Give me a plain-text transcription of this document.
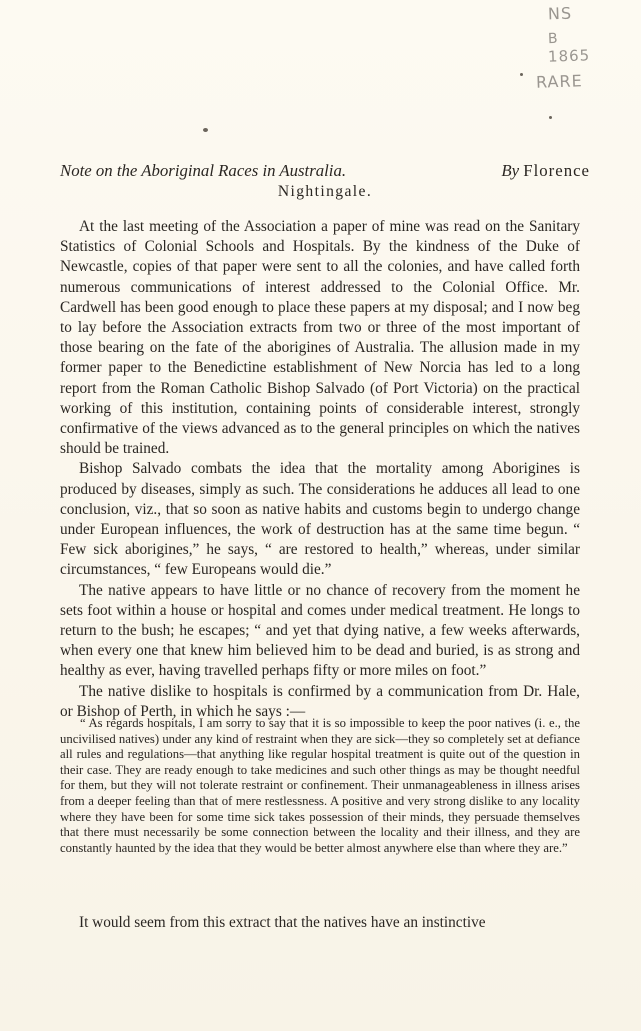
NS
B
1865
RARE
Note on the Aboriginal Races in Australia.	By Florence
Nightingale.

At the last meeting of the Association a paper of mine was read on the Sanitary Statistics of Colonial Schools and Hospitals. By the kindness of the Duke of Newcastle, copies of that paper were sent to all the colonies, and have called forth numerous communications of interest addressed to the Colonial Office. Mr. Cardwell has been good enough to place these papers at my disposal; and I now beg to lay before the Association extracts from two or three of the most important of those bearing on the fate of the aborigines of Australia. The allusion made in my former paper to the Benedictine establishment of New Norcia has led to a long report from the Roman Catholic Bishop Salvado (of Port Victoria) on the practical working of this institution, containing points of considerable interest, strongly confirmative of the views advanced as to the general principles on which the natives should be trained.

Bishop Salvado combats the idea that the mortality among Aborigines is produced by diseases, simply as such. The considerations he adduces all lead to one conclusion, viz., that so soon as native habits and customs begin to undergo change under European influences, the work of destruction has at the same time begun. “ Few sick aborigines,” he says, “ are restored to health,” whereas, under similar circumstances, “ few Europeans would die.”

The native appears to have little or no chance of recovery from the moment he sets foot within a house or hospital and comes under medical treatment. He longs to return to the bush; he escapes; “ and yet that dying native, a few weeks afterwards, when every one that knew him believed him to be dead and buried, is as strong and healthy as ever, having travelled perhaps fifty or more miles on foot.”

The native dislike to hospitals is confirmed by a communication from Dr. Hale, or Bishop of Perth, in which he says :—

“ As regards hospitals, I am sorry to say that it is so impossible to keep the poor natives (i. e., the uncivilised natives) under any kind of restraint when they are sick—they so completely set at defiance all rules and regulations—that anything like regular hospital treatment is quite out of the question in their case. They are ready enough to take medicines and such other things as may be thought needful for them, but they will not tolerate restraint or confinement. Their unmanageableness in illness arises from a deeper feeling than that of mere restlessness. A positive and very strong dislike to any locality where they have been for some time sick takes possession of their minds, they persuade themselves that there must necessarily be some connection between the locality and their illness, and they are constantly haunted by the idea that they would be better almost anywhere else than where they are.”

It would seem from this extract that the natives have an instinctive
